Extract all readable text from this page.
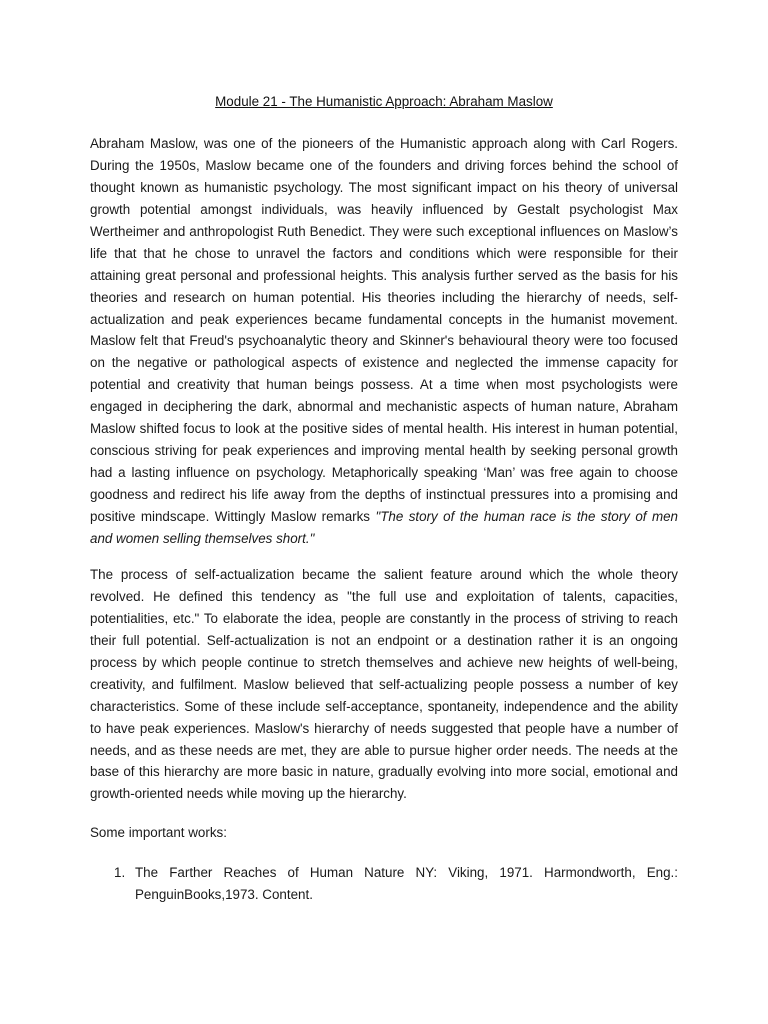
Module 21 - The Humanistic Approach: Abraham Maslow

Abraham Maslow, was one of the pioneers of the Humanistic approach along with Carl Rogers. During the 1950s, Maslow became one of the founders and driving forces behind the school of thought known as humanistic psychology. The most significant impact on his theory of universal growth potential amongst individuals, was heavily influenced by Gestalt psychologist Max Wertheimer and anthropologist Ruth Benedict. They were such exceptional influences on Maslow’s life that that he chose to unravel the factors and conditions which were responsible for their attaining great personal and professional heights. This analysis further served as the basis for his theories and research on human potential. His theories including the hierarchy of needs, self-actualization and peak experiences became fundamental concepts in the humanist movement. Maslow felt that Freud's psychoanalytic theory and Skinner's behavioural theory were too focused on the negative or pathological aspects of existence and neglected the immense capacity for potential and creativity that human beings possess. At a time when most psychologists were engaged in deciphering the dark, abnormal and mechanistic aspects of human nature, Abraham Maslow shifted focus to look at the positive sides of mental health. His interest in human potential, conscious striving for peak experiences and improving mental health by seeking personal growth had a lasting influence on psychology. Metaphorically speaking ‘Man’ was free again to choose goodness and redirect his life away from the depths of instinctual pressures into a promising and positive mindscape. Wittingly Maslow remarks "The story of the human race is the story of men and women selling themselves short."

The process of self-actualization became the salient feature around which the whole theory revolved. He defined this tendency as "the full use and exploitation of talents, capacities, potentialities, etc." To elaborate the idea, people are constantly in the process of striving to reach their full potential. Self-actualization is not an endpoint or a destination rather it is an ongoing process by which people continue to stretch themselves and achieve new heights of well-being, creativity, and fulfilment. Maslow believed that self-actualizing people possess a number of key characteristics. Some of these include self-acceptance, spontaneity, independence and the ability to have peak experiences. Maslow's hierarchy of needs suggested that people have a number of needs, and as these needs are met, they are able to pursue higher order needs. The needs at the base of this hierarchy are more basic in nature, gradually evolving into more social, emotional and growth-oriented needs while moving up the hierarchy.

Some important works:
1. The Farther Reaches of Human Nature NY: Viking, 1971. Harmondworth, Eng.: PenguinBooks,1973. Content.
